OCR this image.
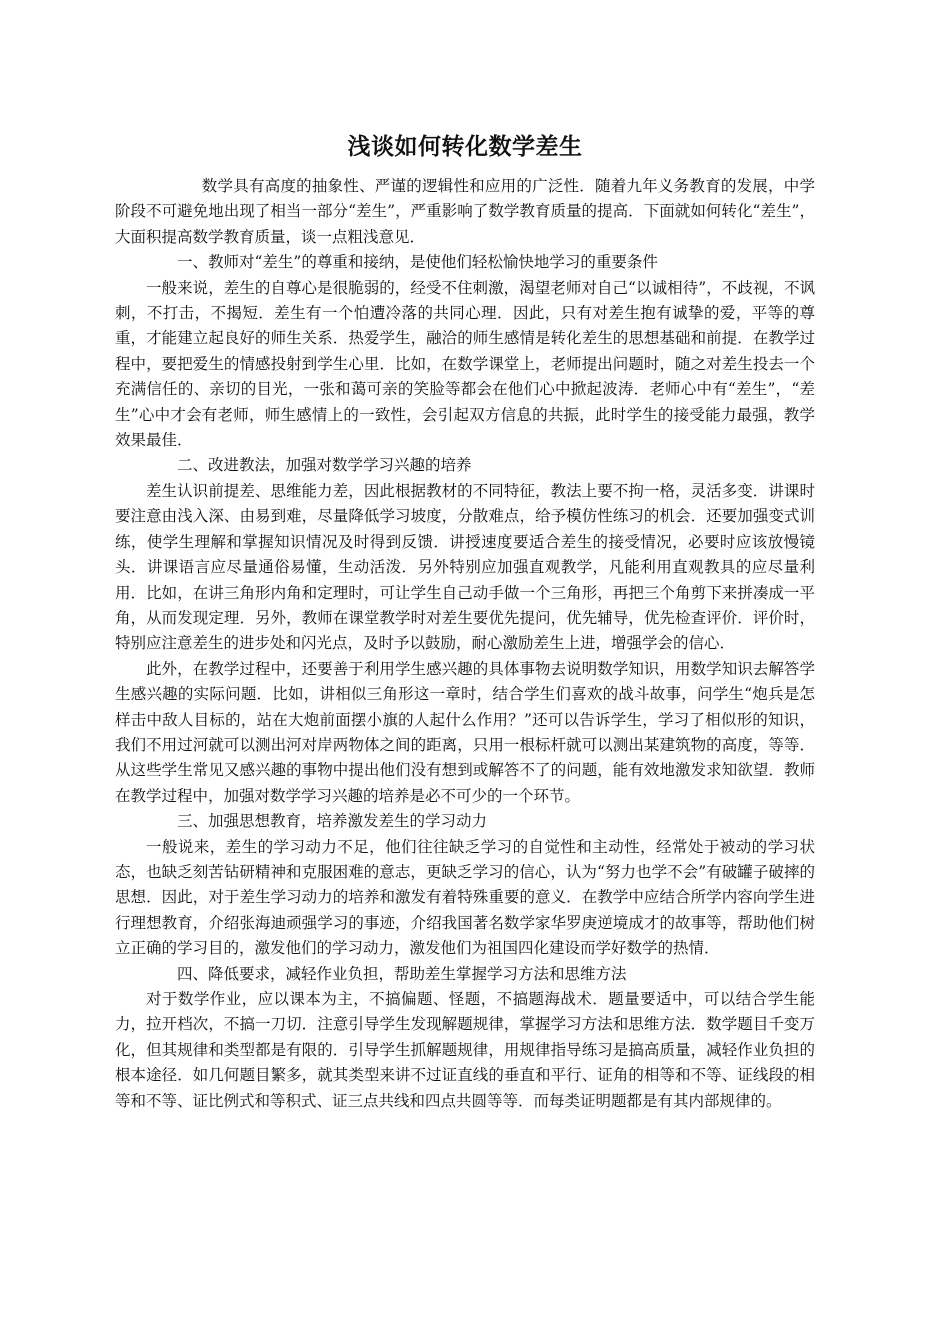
浅谈如何转化数学差生

数学具有高度的抽象性、严谨的逻辑性和应用的广泛性．随着九年义务教育的发展，中学阶段不可避免地出现了相当一部分“差生”，严重影响了数学教育质量的提高．下面就如何转化“差生”，大面积提高数学教育质量，谈一点粗浅意见．

一、教师对“差生”的尊重和接纳，是使他们轻松愉快地学习的重要条件

一般来说，差生的自尊心是很脆弱的，经受不住刺激，渴望老师对自己“以诚相待”，不歧视，不讽刺，不打击，不揭短．差生有一个怕遭冷落的共同心理．因此，只有对差生抱有诚挚的爱，平等的尊重，才能建立起良好的师生关系．热爱学生，融洽的师生感情是转化差生的思想基础和前提．在教学过程中，要把爱生的情感投射到学生心里．比如，在数学课堂上，老师提出问题时，随之对差生投去一个充满信任的、亲切的目光，一张和蔼可亲的笑脸等都会在他们心中掀起波涛．老师心中有“差生”，“差生”心中才会有老师，师生感情上的一致性，会引起双方信息的共振，此时学生的接受能力最强，教学效果最佳．

二、改进教法，加强对数学学习兴趣的培养

差生认识前提差、思维能力差，因此根据教材的不同特征，教法上要不拘一格，灵活多变．讲课时要注意由浅入深、由易到难，尽量降低学习坡度，分散难点，给予模仿性练习的机会．还要加强变式训练，使学生理解和掌握知识情况及时得到反馈．讲授速度要适合差生的接受情况，必要时应该放慢镜头．讲课语言应尽量通俗易懂，生动活泼．另外特别应加强直观教学，凡能利用直观教具的应尽量利用．比如，在讲三角形内角和定理时，可让学生自己动手做一个三角形，再把三个角剪下来拼凑成一平角，从而发现定理．另外，教师在课堂教学时对差生要优先提问，优先辅导，优先检查评价．评价时，特别应注意差生的进步处和闪光点，及时予以鼓励，耐心激励差生上进，增强学会的信心．

此外，在教学过程中，还要善于利用学生感兴趣的具体事物去说明数学知识，用数学知识去解答学生感兴趣的实际问题．比如，讲相似三角形这一章时，结合学生们喜欢的战斗故事，问学生“炮兵是怎样击中敌人目标的，站在大炮前面摆小旗的人起什么作用？”还可以告诉学生，学习了相似形的知识，我们不用过河就可以测出河对岸两物体之间的距离，只用一根标杆就可以测出某建筑物的高度，等等．从这些学生常见又感兴趣的事物中提出他们没有想到或解答不了的问题，能有效地激发求知欲望．教师在教学过程中，加强对数学学习兴趣的培养是必不可少的一个环节。

三、加强思想教育，培养激发差生的学习动力

一般说来，差生的学习动力不足，他们往往缺乏学习的自觉性和主动性，经常处于被动的学习状态，也缺乏刻苦钻研精神和克服困难的意志，更缺乏学习的信心，认为“努力也学不会”有破罐子破摔的思想．因此，对于差生学习动力的培养和激发有着特殊重要的意义．在教学中应结合所学内容向学生进行理想教育，介绍张海迪顽强学习的事迹，介绍我国著名数学家华罗庚逆境成才的故事等，帮助他们树立正确的学习目的，激发他们的学习动力，激发他们为祖国四化建设而学好数学的热情．

四、降低要求，减轻作业负担，帮助差生掌握学习方法和思维方法

对于数学作业，应以课本为主，不搞偏题、怪题，不搞题海战术．题量要适中，可以结合学生能力，拉开档次，不搞一刀切．注意引导学生发现解题规律，掌握学习方法和思维方法．数学题目千变万化，但其规律和类型都是有限的．引导学生抓解题规律，用规律指导练习是搞高质量，减轻作业负担的根本途径．如几何题目繁多，就其类型来讲不过证直线的垂直和平行、证角的相等和不等、证线段的相等和不等、证比例式和等积式、证三点共线和四点共圆等等．而每类证明题都是有其内部规律的。
